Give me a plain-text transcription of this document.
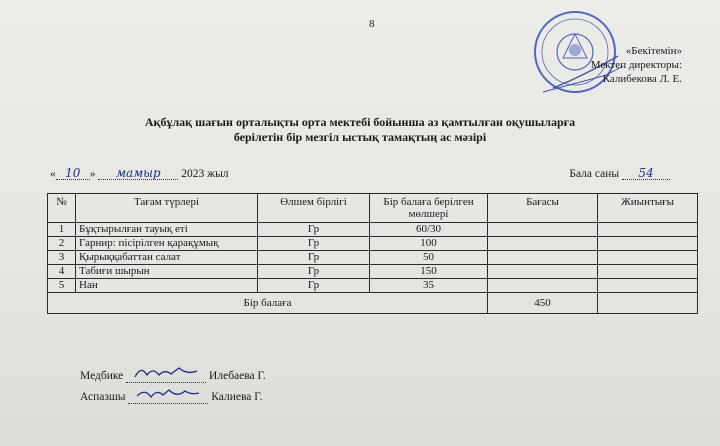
8
«Бекітемін»
Мектеп директоры:
Калибекова Л. Е.
Ақбұлақ шағын орталықты орта мектебі бойынша аз қамтылған оқушыларға
берілетін бір мезгіл ыстық тамақтың ас мәзірі
« 10 » мамыр 2023 жыл	Бала саны 54
№	Тағам түрлері	Өлшем бірлігі	Бір балаға берілген мөлшері	Бағасы	Жиынтығы
1	Бұқтырылған тауық еті	Гр	60/30		
2	Гарнир: пісірілген қарақұмық	Гр	100		
3	Қырыққабаттан салат	Гр	50		
4	Табиғи шырын	Гр	150		
5	Нан	Гр	35		
Бір балаға				450	
Медбике	Илебаева Г.
Аспазшы	Калиева Г.
